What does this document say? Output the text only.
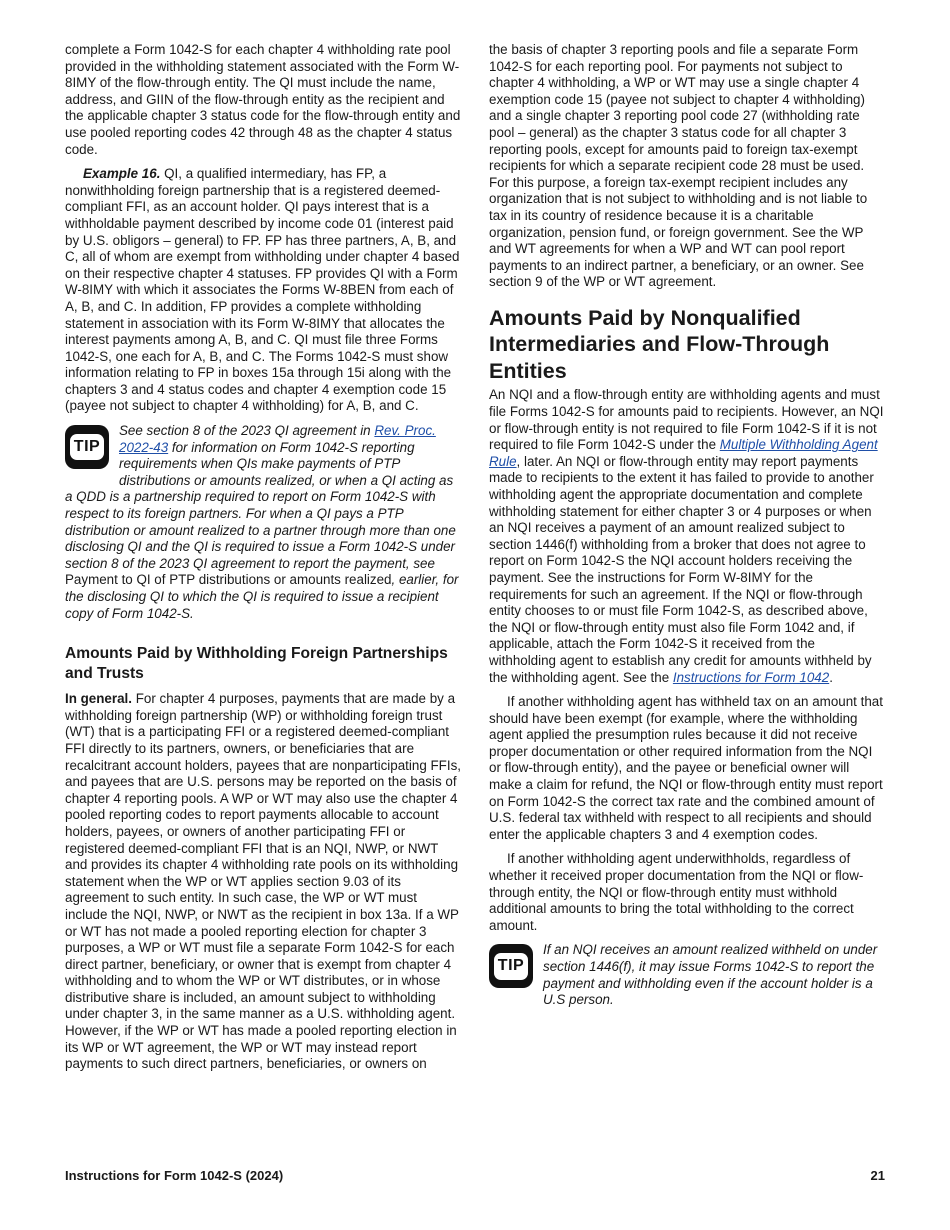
complete a Form 1042-S for each chapter 4 withholding rate pool provided in the withholding statement associated with the Form W-8IMY of the flow-through entity. The QI must include the name, address, and GIIN of the flow-through entity as the recipient and the applicable chapter 3 status code for the flow-through entity and use pooled reporting codes 42 through 48 as the chapter 4 status code.

Example 16. QI, a qualified intermediary, has FP, a nonwithholding foreign partnership that is a registered deemed-compliant FFI, as an account holder. QI pays interest that is a withholdable payment described by income code 01 (interest paid by U.S. obligors – general) to FP. FP has three partners, A, B, and C, all of whom are exempt from withholding under chapter 4 based on their respective chapter 4 statuses. FP provides QI with a Form W-8IMY with which it associates the Forms W-8BEN from each of A, B, and C. In addition, FP provides a complete withholding statement in association with its Form W-8IMY that allocates the interest payments among A, B, and C. QI must file three Forms 1042-S, one each for A, B, and C. The Forms 1042-S must show information relating to FP in boxes 15a through 15i along with the chapters 3 and 4 status codes and chapter 4 exemption code 15 (payee not subject to chapter 4 withholding) for A, B, and C.

TIP
See section 8 of the 2023 QI agreement in Rev. Proc. 2022-43 for information on Form 1042-S reporting requirements when QIs make payments of PTP distributions or amounts realized, or when a QI acting as a QDD is a partnership required to report on Form 1042-S with respect to its foreign partners. For when a QI pays a PTP distribution or amount realized to a partner through more than one disclosing QI and the QI is required to issue a Form 1042-S under section 8 of the 2023 QI agreement to report the payment, see Payment to QI of PTP distributions or amounts realized, earlier, for the disclosing QI to which the QI is required to issue a recipient copy of Form 1042-S.
Amounts Paid by Withholding Foreign Partnerships and Trusts

In general. For chapter 4 purposes, payments that are made by a withholding foreign partnership (WP) or withholding foreign trust (WT) that is a participating FFI or a registered deemed-compliant FFI directly to its partners, owners, or beneficiaries that are recalcitrant account holders, payees that are nonparticipating FFIs, and payees that are U.S. persons may be reported on the basis of chapter 4 reporting pools. A WP or WT may also use the chapter 4 pooled reporting codes to report payments allocable to account holders, payees, or owners of another participating FFI or registered deemed-compliant FFI that is an NQI, NWP, or NWT and provides its chapter 4 withholding rate pools on its withholding statement when the WP or WT applies section 9.03 of its agreement to such entity. In such case, the WP or WT must include the NQI, NWP, or NWT as the recipient in box 13a. If a WP or WT has not made a pooled reporting election for chapter 3 purposes, a WP or WT must file a separate Form 1042-S for each direct partner, beneficiary, or owner that is exempt from chapter 4 withholding and to whom the WP or WT distributes, or in whose distributive share is included, an amount subject to withholding under chapter 3, in the same manner as a U.S. withholding agent. However, if the WP or WT has made a pooled reporting election in its WP or WT agreement, the WP or WT may instead report payments to such direct partners, beneficiaries, or owners on

the basis of chapter 3 reporting pools and file a separate Form 1042-S for each reporting pool. For payments not subject to chapter 4 withholding, a WP or WT may use a single chapter 4 exemption code 15 (payee not subject to chapter 4 withholding) and a single chapter 3 reporting pool code 27 (withholding rate pool – general) as the chapter 3 status code for all chapter 3 reporting pools, except for amounts paid to foreign tax-exempt recipients for which a separate recipient code 28 must be used. For this purpose, a foreign tax-exempt recipient includes any organization that is not subject to withholding and is not liable to tax in its country of residence because it is a charitable organization, pension fund, or foreign government. See the WP and WT agreements for when a WP and WT can pool report payments to an indirect partner, a beneficiary, or an owner. See section 9 of the WP or WT agreement.

Amounts Paid by Nonqualified Intermediaries and Flow-Through Entities

An NQI and a flow-through entity are withholding agents and must file Forms 1042-S for amounts paid to recipients. However, an NQI or flow-through entity is not required to file Form 1042-S if it is not required to file Form 1042-S under the Multiple Withholding Agent Rule, later. An NQI or flow-through entity may report payments made to recipients to the extent it has failed to provide to another withholding agent the appropriate documentation and complete withholding statement for either chapter 3 or 4 purposes or when an NQI receives a payment of an amount realized subject to section 1446(f) withholding from a broker that does not agree to report on Form 1042-S the NQI account holders receiving the payment. See the instructions for Form W-8IMY for the requirements for such an agreement. If the NQI or flow-through entity chooses to or must file Form 1042-S, as described above, the NQI or flow-through entity must also file Form 1042 and, if applicable, attach the Form 1042-S it received from the withholding agent to establish any credit for amounts withheld by the withholding agent. See the Instructions for Form 1042.

If another withholding agent has withheld tax on an amount that should have been exempt (for example, where the withholding agent applied the presumption rules because it did not receive proper documentation or other required information from the NQI or flow-through entity), and the payee or beneficial owner will make a claim for refund, the NQI or flow-through entity must report on Form 1042-S the correct tax rate and the combined amount of U.S. federal tax withheld with respect to all recipients and should enter the applicable chapters 3 and 4 exemption codes.

If another withholding agent underwithholds, regardless of whether it received proper documentation from the NQI or flow-through entity, the NQI or flow-through entity must withhold additional amounts to bring the total withholding to the correct amount.

TIP
If an NQI receives an amount realized withheld on under section 1446(f), it may issue Forms 1042-S to report the payment and withholding even if the account holder is a U.S person.
Instructions for Form 1042-S (2024)	21
